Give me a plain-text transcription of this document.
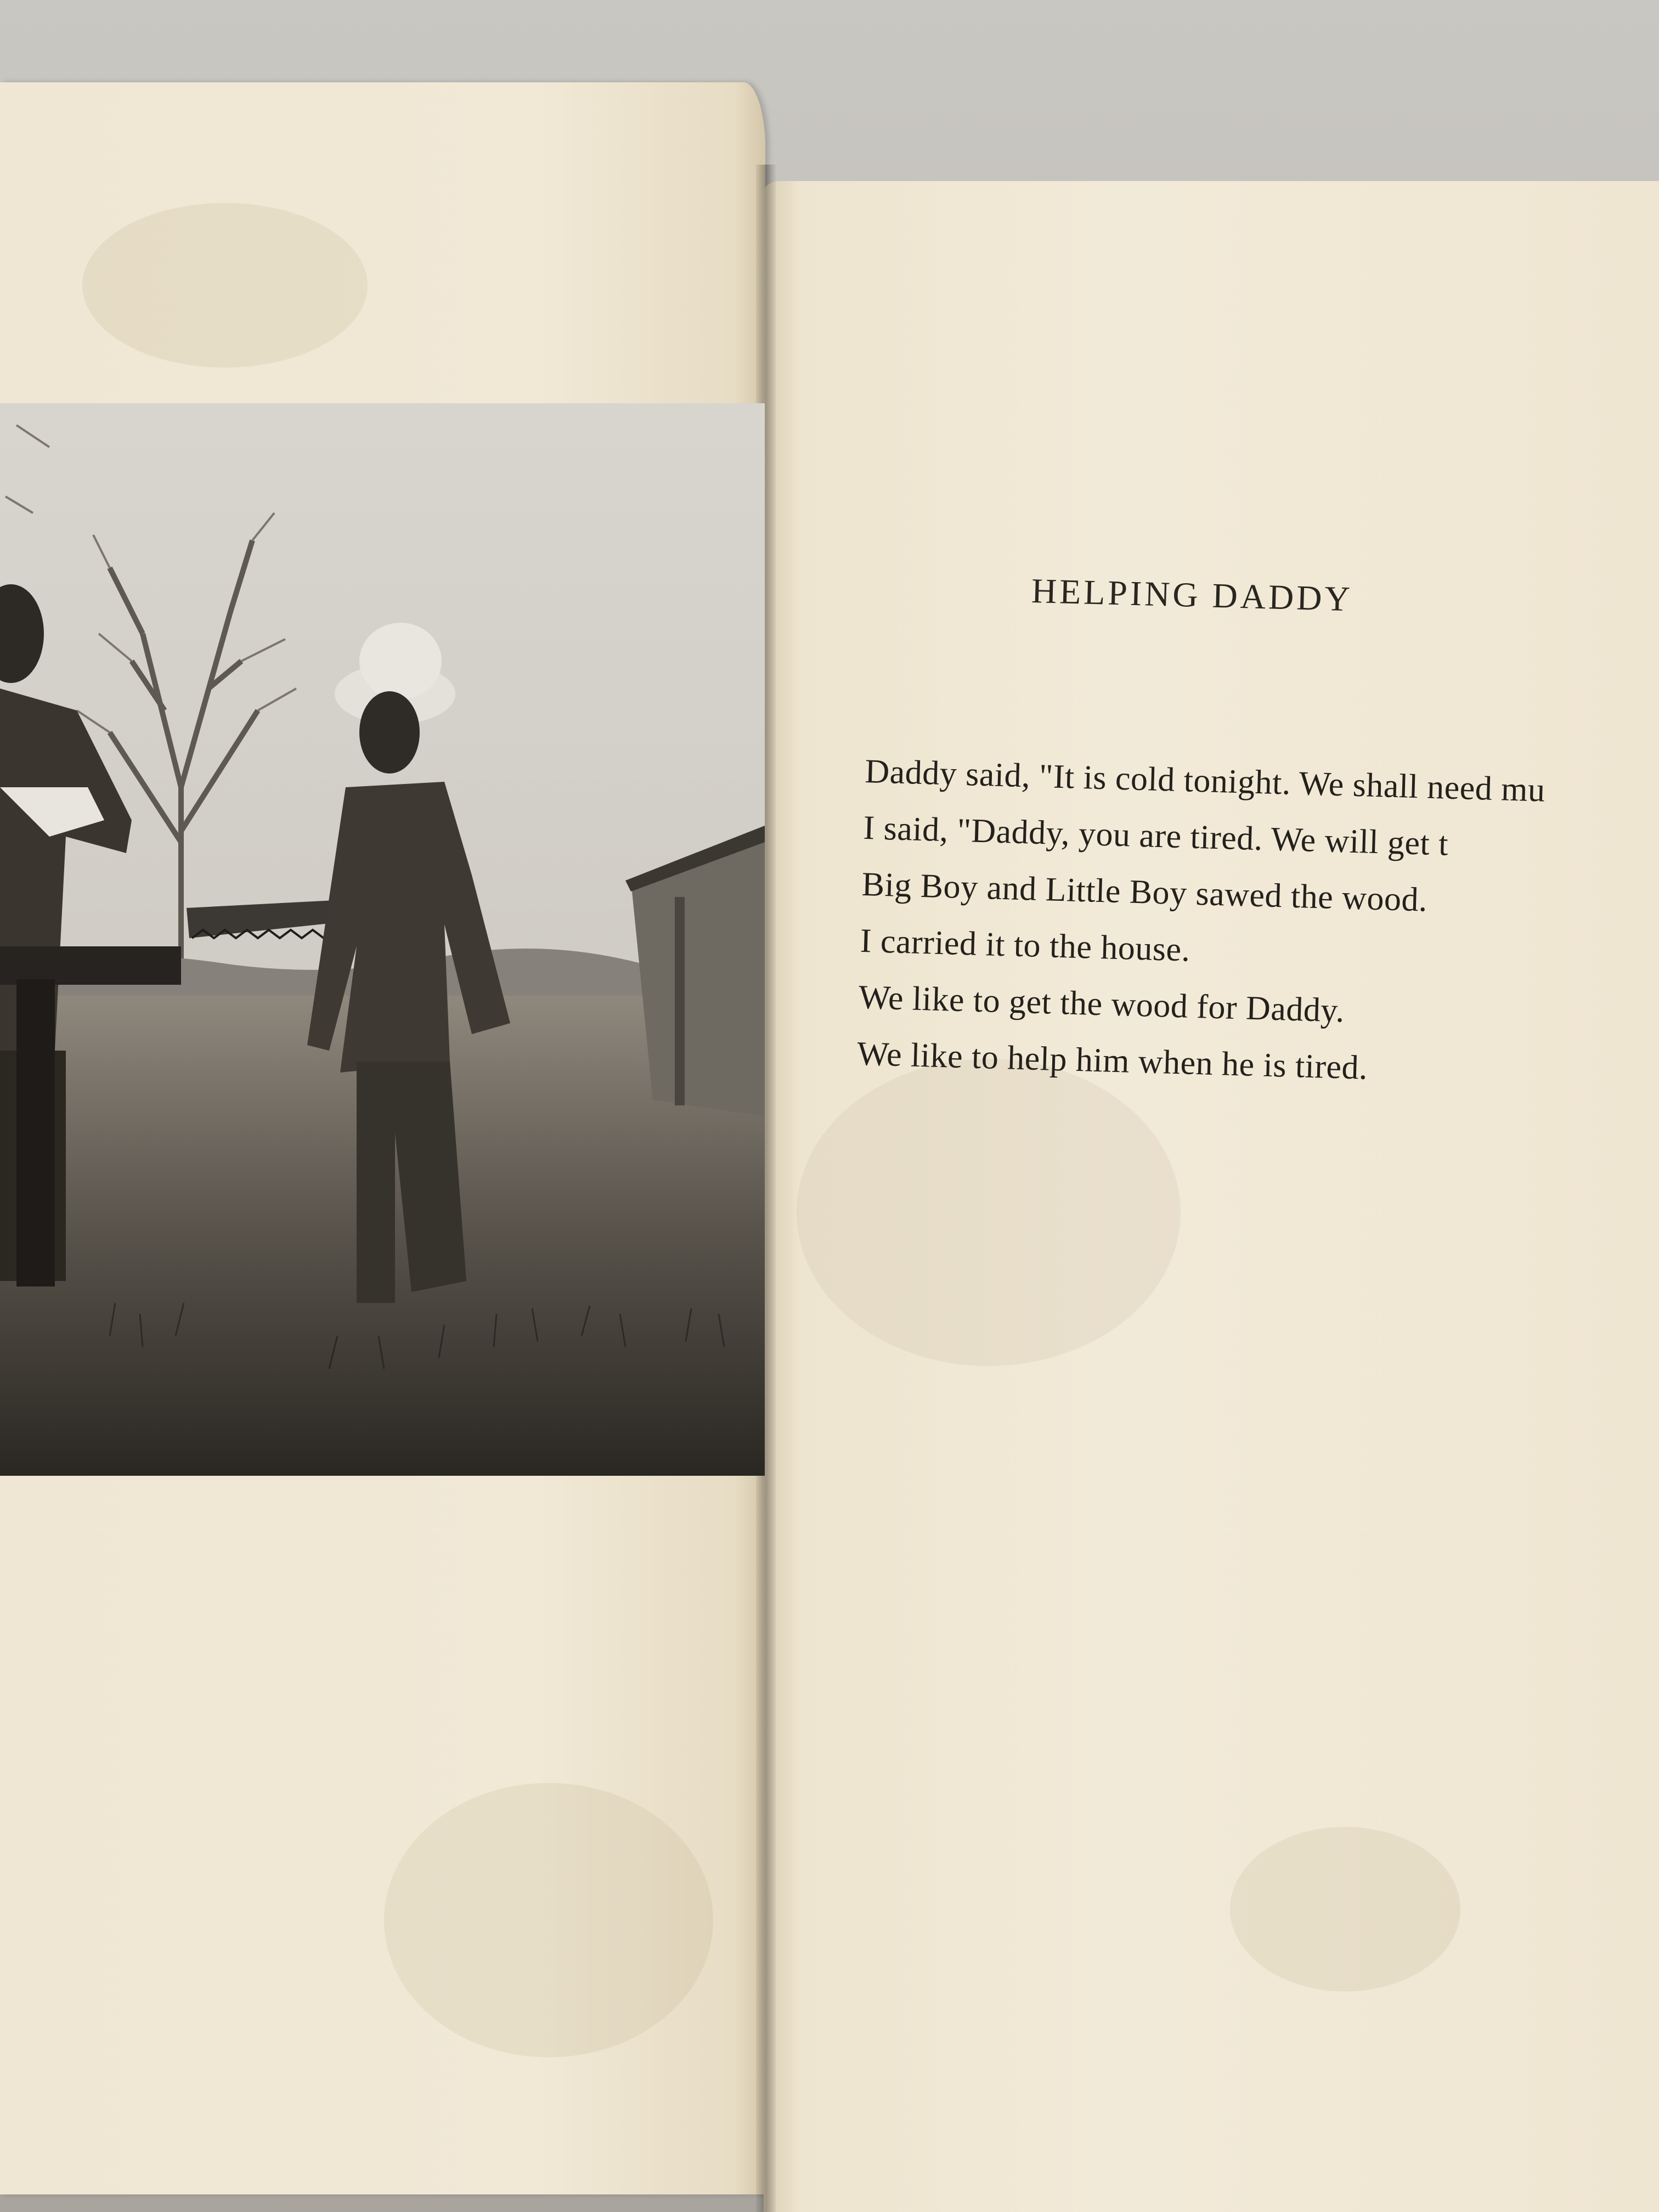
HELPING DADDY
Daddy said, "It is cold tonight. We shall need mu
I said, "Daddy, you are tired. We will get t
Big Boy and Little Boy sawed the wood.
I carried it to the house.
We like to get the wood for Daddy.
We like to help him when he is tired.
